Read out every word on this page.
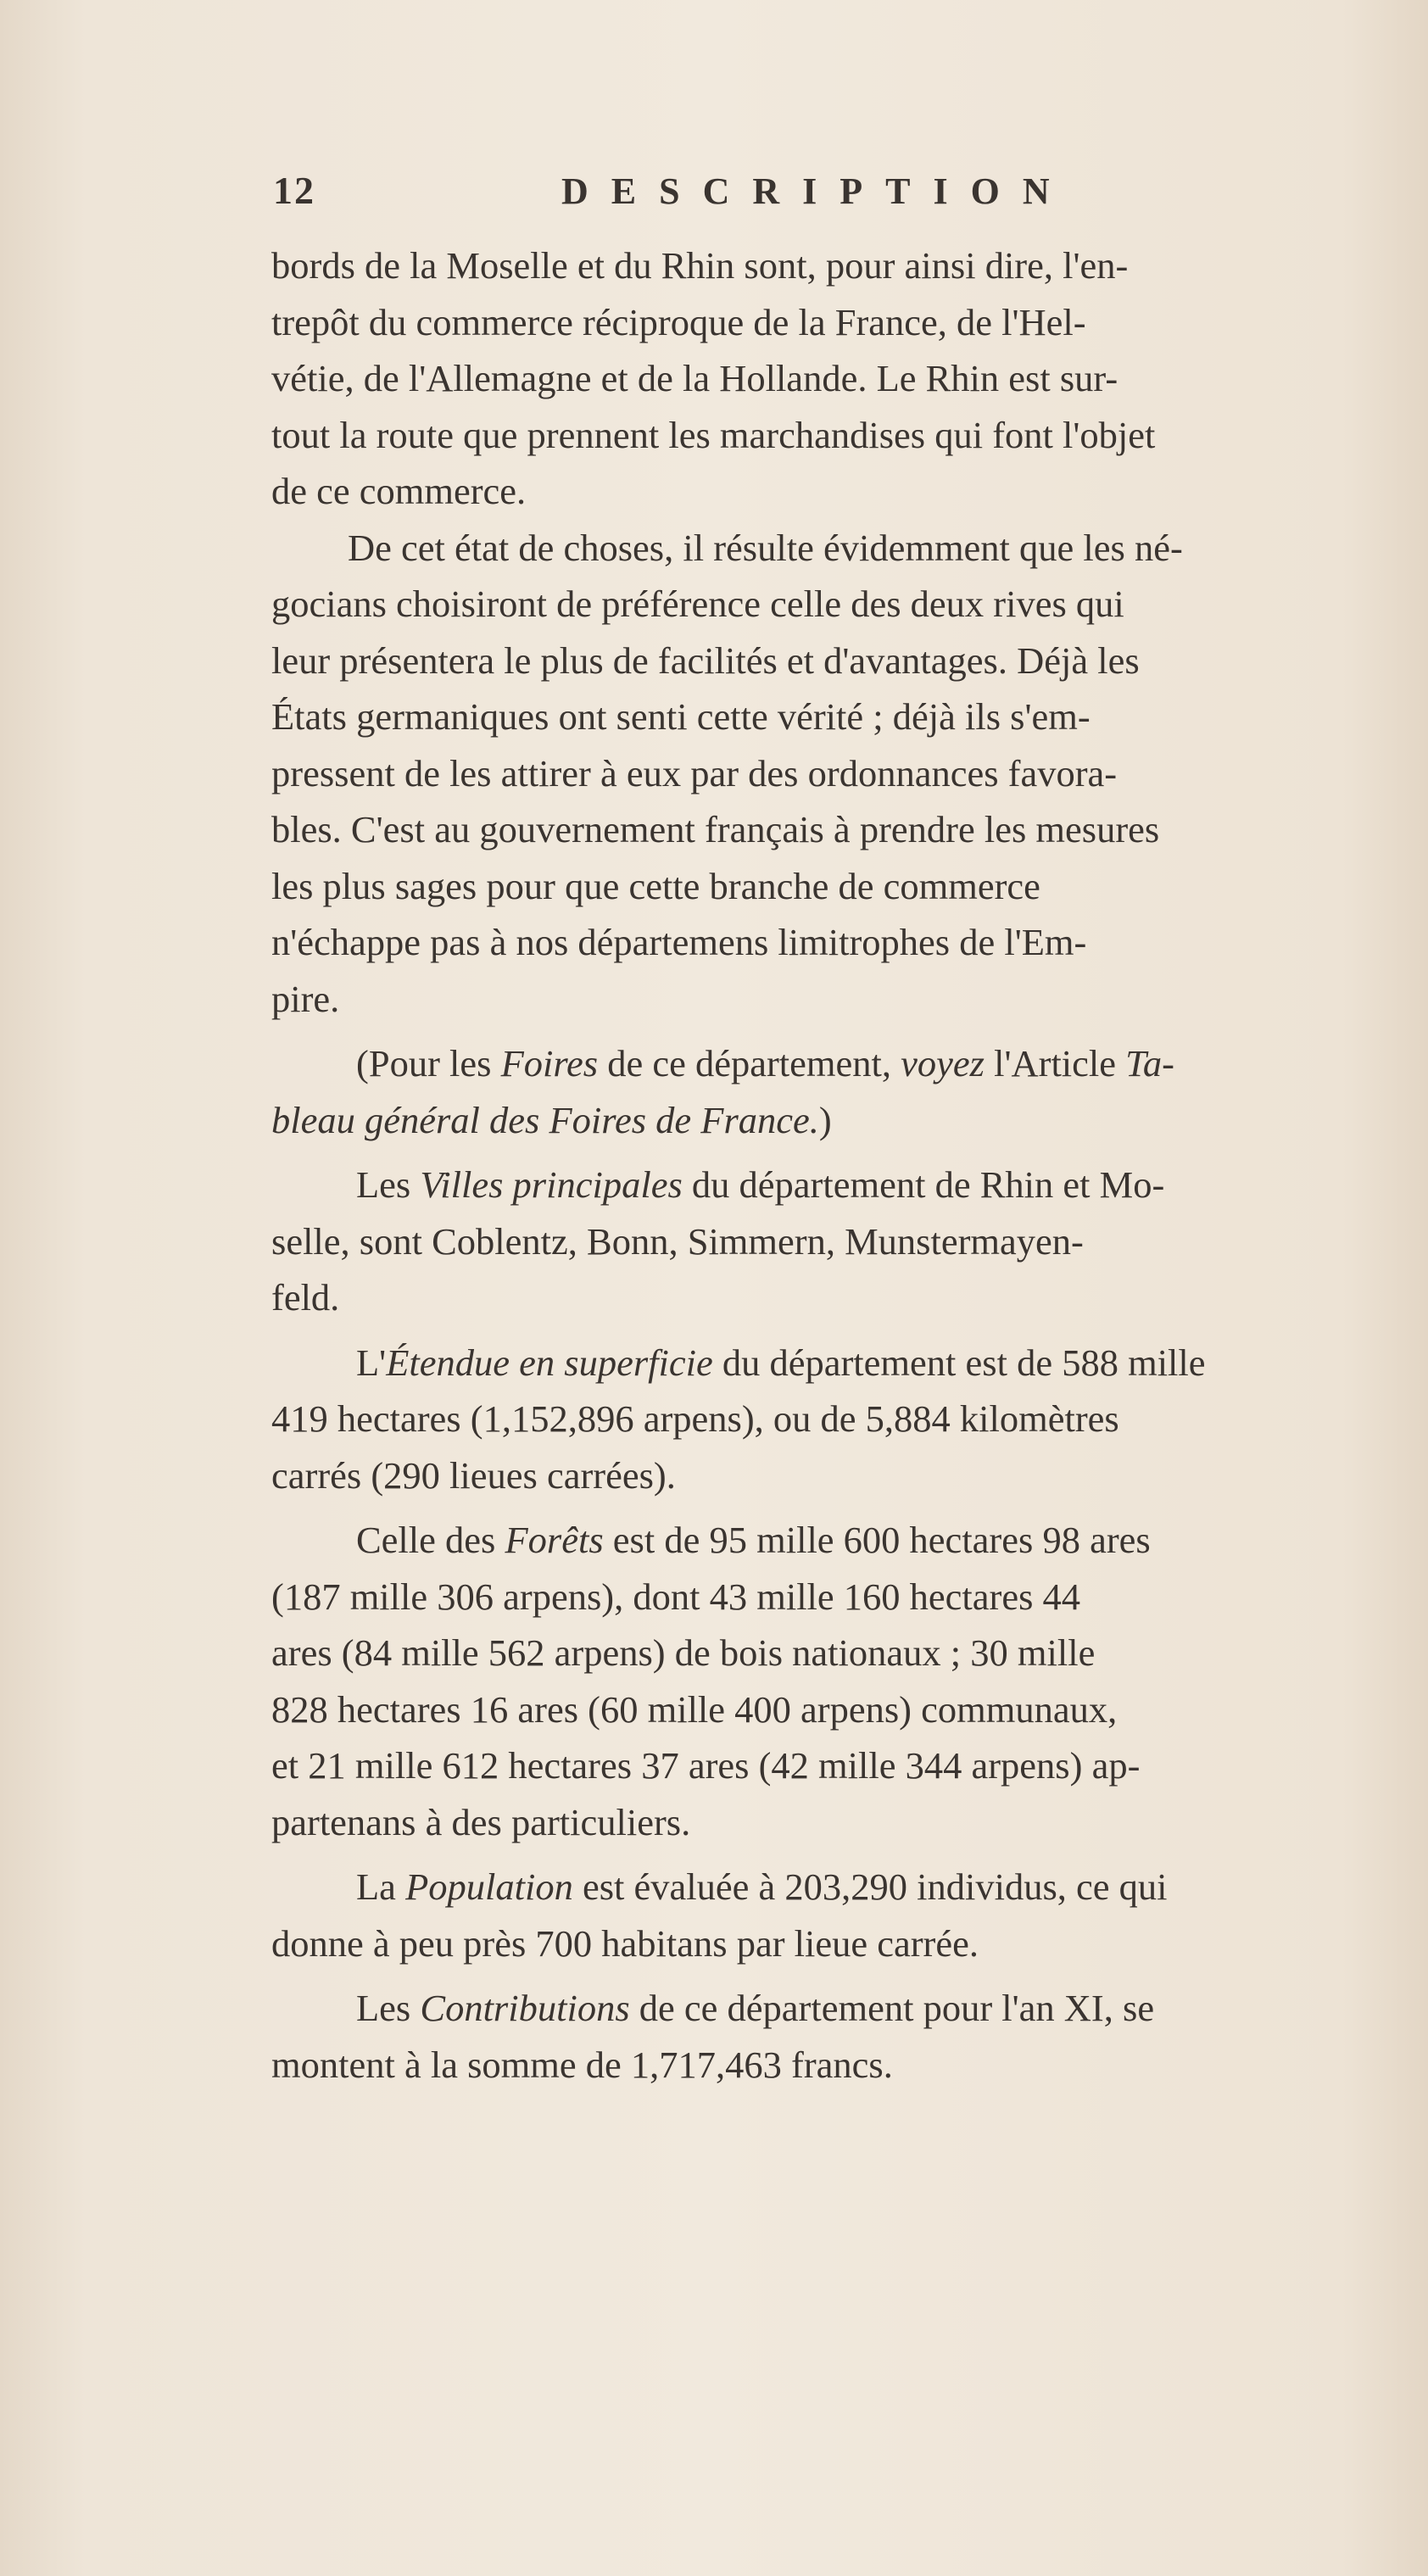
12	DESCRIPTION
bords de la Moselle et du Rhin sont, pour ainsi dire, l'en-
trepôt du commerce réciproque de la France, de l'Hel-
vétie, de l'Allemagne et de la Hollande. Le Rhin est sur-
tout la route que prennent les marchandises qui font l'objet
de ce commerce.
De cet état de choses, il résulte évidemment que les né-
gocians choisiront de préférence celle des deux rives qui
leur présentera le plus de facilités et d'avantages. Déjà les
États germaniques ont senti cette vérité ; déjà ils s'em-
pressent de les attirer à eux par des ordonnances favora-
bles. C'est au gouvernement français à prendre les mesures
les plus sages pour que cette branche de commerce
n'échappe pas à nos départemens limitrophes de l'Em-
pire.
(Pour les Foires de ce département, voyez l'Article Ta-
bleau général des Foires de France.)
Les Villes principales du département de Rhin et Mo-
selle, sont Coblentz, Bonn, Simmern, Munstermayen-
feld.
L'Étendue en superficie du département est de 588 mille
419 hectares (1,152,896 arpens), ou de 5,884 kilomètres
carrés (290 lieues carrées).
Celle des Forêts est de 95 mille 600 hectares 98 ares
(187 mille 306 arpens), dont 43 mille 160 hectares 44
ares (84 mille 562 arpens) de bois nationaux ; 30 mille
828 hectares 16 ares (60 mille 400 arpens) communaux,
et 21 mille 612 hectares 37 ares (42 mille 344 arpens) ap-
partenans à des particuliers.
La Population est évaluée à 203,290 individus, ce qui
donne à peu près 700 habitans par lieue carrée.
Les Contributions de ce département pour l'an XI, se
montent à la somme de 1,717,463 francs.
